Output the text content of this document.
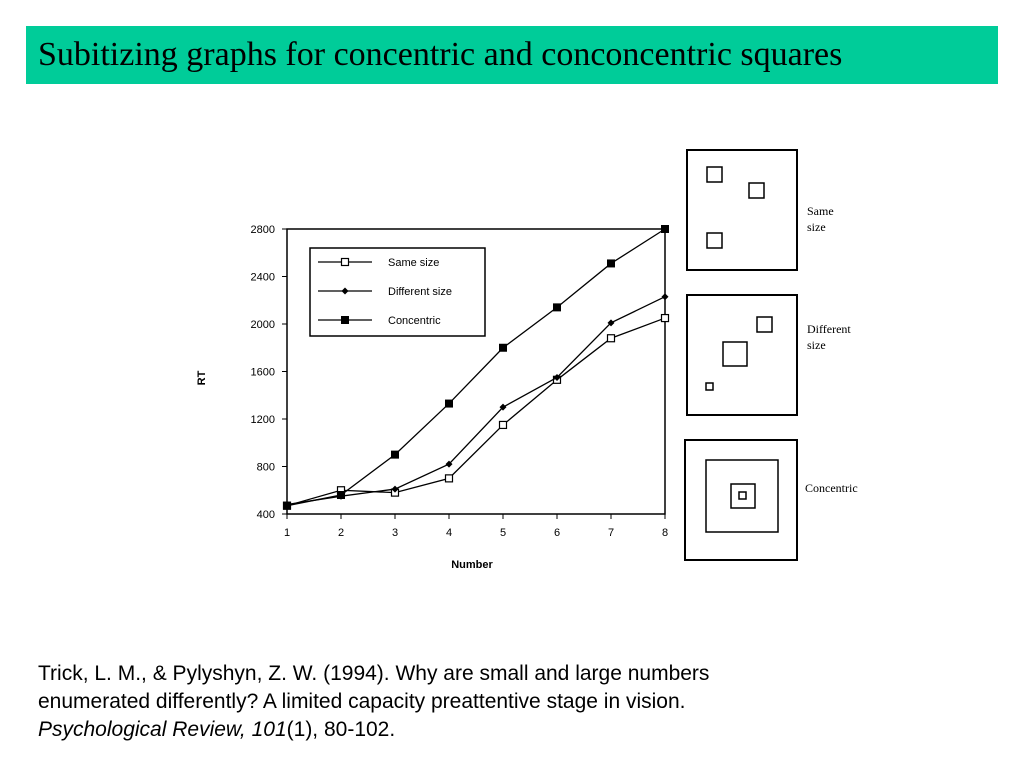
Subitizing graphs for concentric and conconcentric squares
400
800
1200
1600
2000
2400
2800
1	2	3	4	5	6	7	8
RT
Number
Same size
Different size
Concentric
Same
size
Different
size
Concentric
Trick, L. M., & Pylyshyn, Z. W. (1994). Why are small and large numbers
enumerated differently? A limited capacity preattentive stage in vision.
Psychological Review, 101(1), 80-102.
